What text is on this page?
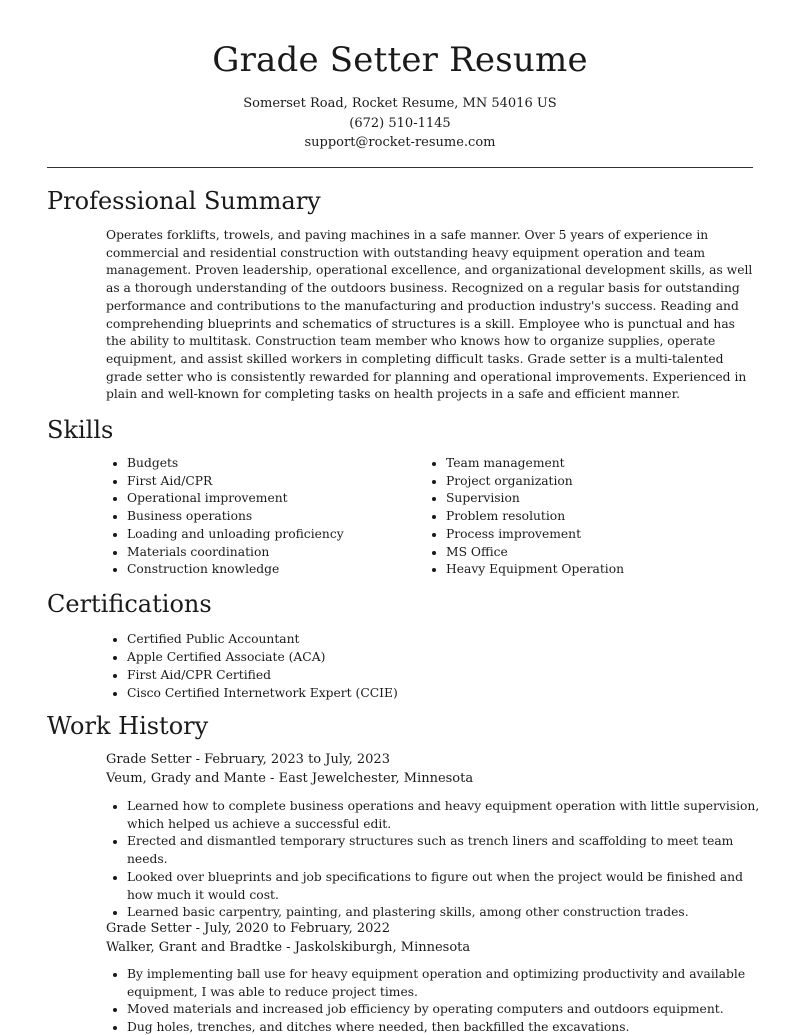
Grade Setter Resume
Somerset Road, Rocket Resume, MN 54016 US
(672) 510-1145
support@rocket-resume.com
Professional Summary

Operates forklifts, trowels, and paving machines in a safe manner. Over 5 years of experience in commercial and residential construction with outstanding heavy equipment operation and team management. Proven leadership, operational excellence, and organizational development skills, as well as a thorough understanding of the outdoors business. Recognized on a regular basis for outstanding performance and contributions to the manufacturing and production industry's success. Reading and comprehending blueprints and schematics of structures is a skill. Employee who is punctual and has the ability to multitask. Construction team member who knows how to organize supplies, operate equipment, and assist skilled workers in completing difficult tasks. Grade setter is a multi-talented grade setter who is consistently rewarded for planning and operational improvements. Experienced in plain and well-known for completing tasks on health projects in a safe and efficient manner.

Skills
• Budgets
• First Aid/CPR
• Operational improvement
• Business operations
• Loading and unloading proficiency
• Materials coordination
• Construction knowledge
• Team management
• Project organization
• Supervision
• Problem resolution
• Process improvement
• MS Office
• Heavy Equipment Operation
Certifications
• Certified Public Accountant
• Apple Certified Associate (ACA)
• First Aid/CPR Certified
• Cisco Certified Internetwork Expert (CCIE)
Work History
Grade Setter - February, 2023 to July, 2023
Veum, Grady and Mante - East Jewelchester, Minnesota
• Learned how to complete business operations and heavy equipment operation with little supervision, which helped us achieve a successful edit.
• Erected and dismantled temporary structures such as trench liners and scaffolding to meet team needs.
• Looked over blueprints and job specifications to figure out when the project would be finished and how much it would cost.
• Learned basic carpentry, painting, and plastering skills, among other construction trades.
Grade Setter - July, 2020 to February, 2022
Walker, Grant and Bradtke - Jaskolskiburgh, Minnesota
• By implementing ball use for heavy equipment operation and optimizing productivity and available equipment, I was able to reduce project times.
• Moved materials and increased job efficiency by operating computers and outdoors equipment.
• Dug holes, trenches, and ditches where needed, then backfilled the excavations.
